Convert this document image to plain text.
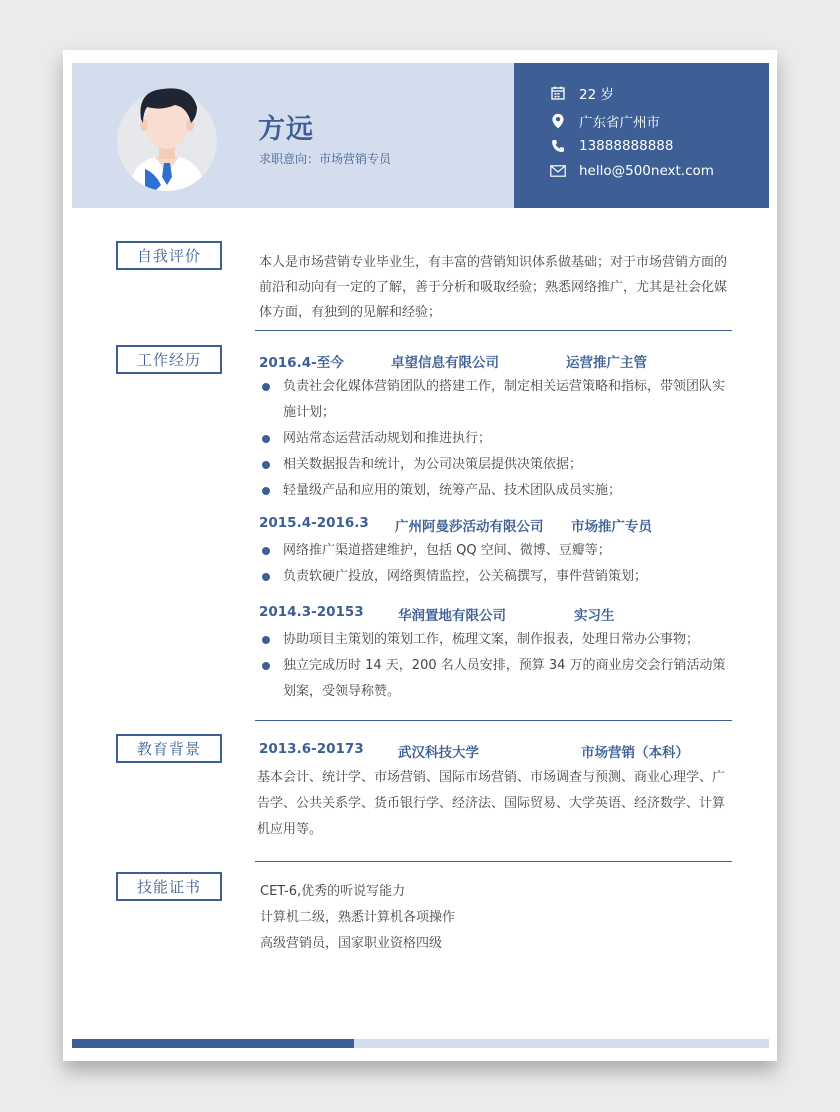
方远
求职意向：市场营销专员
22 岁
广东省广州市
13888888888
hello@500next.com
自我评价	本人是市场营销专业毕业生，有丰富的营销知识体系做基础；对于市场营销方面的前沿和动向有一定的了解，善于分析和吸取经验；熟悉网络推广，尤其是社会化媒体方面，有独到的见解和经验；
工作经历	2016.4-至今	卓望信息有限公司	运营推广主管
负责社会化媒体营销团队的搭建工作，制定相关运营策略和指标，带领团队实施计划；
网站常态运营活动规划和推进执行；
相关数据报告和统计，为公司决策层提供决策依据；
轻量级产品和应用的策划，统筹产品、技术团队成员实施；
2015.4-2016.3 广州阿曼莎活动有限公司 市场推广专员
网络推广渠道搭建维护，包括 QQ 空间、微博、豆瓣等；
负责软硬广投放，网络舆情监控，公关稿撰写，事件营销策划；
2014.3-20153	华润置地有限公司	实习生
协助项目主策划的策划工作，梳理文案，制作报表，处理日常办公事物；
独立完成历时 14 天，200 名人员安排，预算 34 万的商业房交会行销活动策划案，受领导称赞。
教育背景	2013.6-20173	武汉科技大学	市场营销（本科）
基本会计、统计学、市场营销、国际市场营销、市场调查与预测、商业心理学、广告学、公共关系学、货币银行学、经济法、国际贸易、大学英语、经济数学、计算机应用等。
技能证书	CET-6,优秀的听说写能力
计算机二级，熟悉计算机各项操作
高级营销员，国家职业资格四级
